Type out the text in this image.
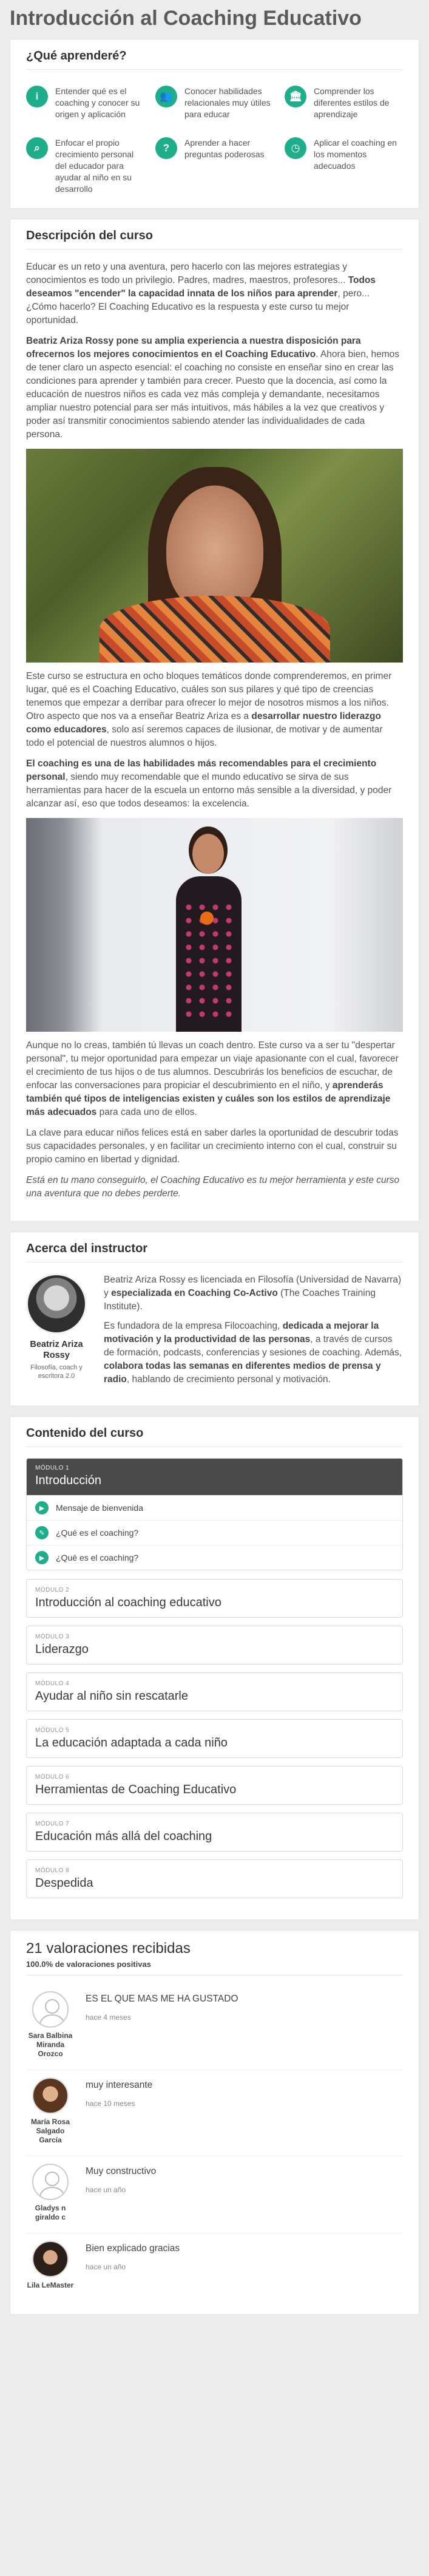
Introducción al Coaching Educativo
¿Qué aprenderé?
i	Entender qué es el coaching y conocer su origen y aplicación
👥	Conocer habilidades relacionales muy útiles para educar
🏛	Comprender los diferentes estilos de aprendizaje
⌕	Enfocar el propio crecimiento personal del educador para ayudar al niño en su desarrollo
?	Aprender a hacer preguntas poderosas
◷	Aplicar el coaching en los momentos adecuados
Descripción del curso

Educar es un reto y una aventura, pero hacerlo con las mejores estrategias y conocimientos es todo un privilegio. Padres, madres, maestros, profesores... Todos deseamos "encender" la capacidad innata de los niños para aprender, pero... ¿Cómo hacerlo? El Coaching Educativo es la respuesta y este curso tu mejor oportunidad.

Beatriz Ariza Rossy pone su amplia experiencia a nuestra disposición para ofrecernos los mejores conocimientos en el Coaching Educativo. Ahora bien, hemos de tener claro un aspecto esencial: el coaching no consiste en enseñar sino en crear las condiciones para aprender y también para crecer. Puesto que la docencia, así como la educación de nuestros niños es cada vez más compleja y demandante, necesitamos ampliar nuestro potencial para ser más intuitivos, más hábiles a la vez que creativos y poder así transmitir conocimientos sabiendo atender las individualidades de cada persona.

Este curso se estructura en ocho bloques temáticos donde comprenderemos, en primer lugar, qué es el Coaching Educativo, cuáles son sus pilares y qué tipo de creencias tenemos que empezar a derribar para ofrecer lo mejor de nosotros mismos a los niños. Otro aspecto que nos va a enseñar Beatriz Ariza es a desarrollar nuestro liderazgo como educadores, solo así seremos capaces de ilusionar, de motivar y de aumentar todo el potencial de nuestros alumnos o hijos.

El coaching es una de las habilidades más recomendables para el crecimiento personal, siendo muy recomendable que el mundo educativo se sirva de sus herramientas para hacer de la escuela un entorno más sensible a la diversidad, y poder alcanzar así, eso que todos deseamos: la excelencia.

Aunque no lo creas, también tú llevas un coach dentro. Este curso va a ser tu "despertar personal", tu mejor oportunidad para empezar un viaje apasionante con el cual, favorecer el crecimiento de tus hijos o de tus alumnos. Descubrirás los beneficios de escuchar, de enfocar las conversaciones para propiciar el descubrimiento en el niño, y aprenderás también qué tipos de inteligencias existen y cuáles son los estilos de aprendizaje más adecuados para cada uno de ellos.

La clave para educar niños felices está en saber darles la oportunidad de descubrir todas sus capacidades personales, y en facilitar un crecimiento interno con el cual, construir su propio camino en libertad y dignidad.

Está en tu mano conseguirlo, el Coaching Educativo es tu mejor herramienta y este curso una aventura que no debes perderte.

Acerca del instructor
Beatriz Ariza Rossy
Filosofía, coach y escritora 2.0

Beatriz Ariza Rossy es licenciada en Filosofía (Universidad de Navarra) y especializada en Coaching Co-Activo (The Coaches Training Institute).

Es fundadora de la empresa Filocoaching, dedicada a mejorar la motivación y la productividad de las personas, a través de cursos de formación, podcasts, conferencias y sesiones de coaching. Además, colabora todas las semanas en diferentes medios de prensa y radio, hablando de crecimiento personal y motivación.

Contenido del curso
MÓDULO 1
Introducción
▶	Mensaje de bienvenida
✎	¿Qué es el coaching?
▶	¿Qué es el coaching?
MÓDULO 2
Introducción al coaching educativo
MÓDULO 3
Liderazgo
MÓDULO 4
Ayudar al niño sin rescatarle
MÓDULO 5
La educación adaptada a cada niño
MÓDULO 6
Herramientas de Coaching Educativo
MÓDULO 7
Educación más allá del coaching
MÓDULO 8
Despedida
21 valoraciones recibidas
100.0% de valoraciones positivas
Sara Balbina Miranda Orozco
ES EL QUE MAS ME HA GUSTADO
hace 4 meses
María Rosa Salgado García
muy interesante
hace 10 meses
Gladys n giraldo c
Muy constructivo
hace un año
Lila LeMaster
Bien explicado gracias
hace un año
